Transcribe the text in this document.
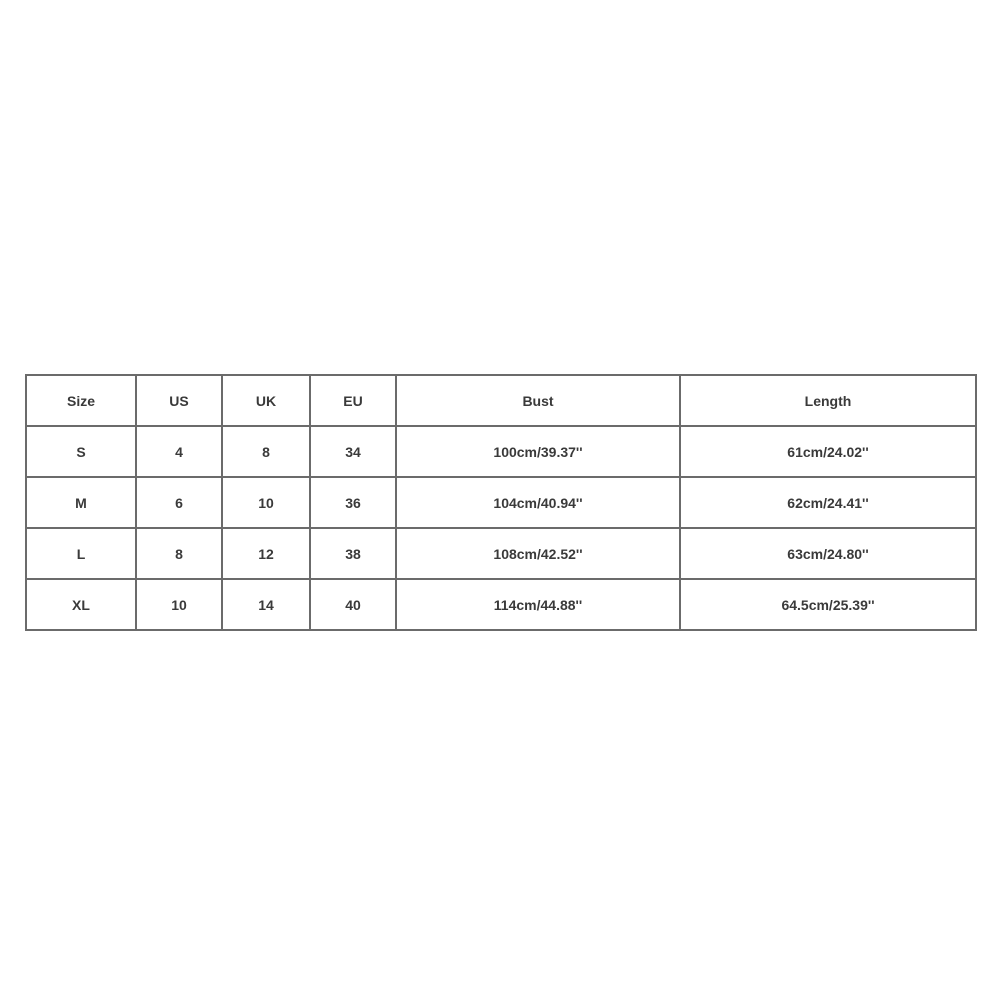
Size	US	UK	EU	Bust	Length
S	4	8	34	100cm/39.37''	61cm/24.02''
M	6	10	36	104cm/40.94''	62cm/24.41''
L	8	12	38	108cm/42.52''	63cm/24.80''
XL	10	14	40	114cm/44.88''	64.5cm/25.39''
